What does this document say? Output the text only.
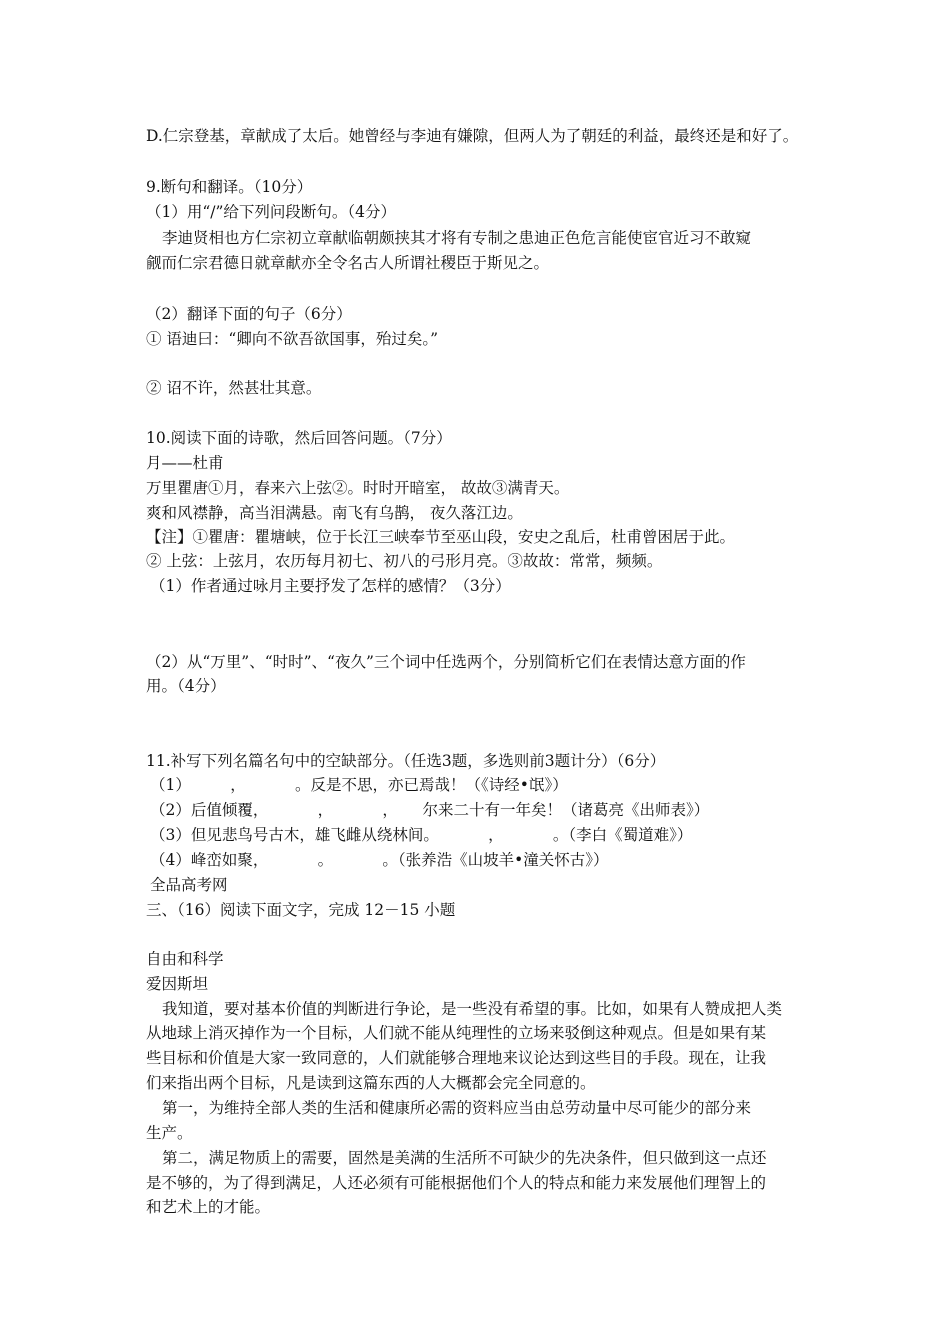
D.仁宗登基，章献成了太后。她曾经与李迪有嫌隙，但两人为了朝廷的利益，最终还是和好了。
9.断句和翻译。（10分）
（1）用“/”给下列问段断句。（4分）
李迪贤相也方仁宗初立章献临朝颇挟其才将有专制之患迪正色危言能使宦官近习不敢窥
觎而仁宗君德日就章献亦全令名古人所谓社稷臣于斯见之。
（2）翻译下面的句子（6分）
① 语迪曰：“卿向不欲吾欲国事，殆过矣。”
② 诏不许，然甚壮其意。
10.阅读下面的诗歌，然后回答问题。（7分）
月——杜甫
万里瞿唐①月，春来六上弦②。时时开暗室， 故故③满青天。
爽和风襟静，高当泪满悬。南飞有乌鹊， 夜久落江边。
【注】①瞿唐：瞿塘峡，位于长江三峡奉节至巫山段，安史之乱后，杜甫曾困居于此。
② 上弦：上弦月，农历每月初七、初八的弓形月亮。③故故：常常，频频。
（1）作者通过咏月主要抒发了怎样的感情？（3分）
（2）从“万里”、“时时”、“夜久”三个词中任选两个，分别简析它们在表情达意方面的作
用。（4分）
11.补写下列名篇名句中的空缺部分。（任选3题，多选则前3题计分）（6分）
（1）        ，          。反是不思，亦已焉哉！（《诗经•氓》）
（2）后值倾覆，          ，          ，     尔来二十有一年矣！（诸葛亮《出师表》）
（3）但见悲鸟号古木，雄飞雌从绕林间。          ，          。（李白《蜀道难》）
（4）峰峦如聚，          。          。（张养浩《山坡羊•潼关怀古》）
全品高考网
三、（16）阅读下面文字，完成 12－15 小题
自由和科学
爱因斯坦
我知道，要对基本价值的判断进行争论，是一些没有希望的事。比如，如果有人赞成把人类
从地球上消灭掉作为一个目标，人们就不能从纯理性的立场来驳倒这种观点。但是如果有某
些目标和价值是大家一致同意的，人们就能够合理地来议论达到这些目的手段。现在，让我
们来指出两个目标，凡是读到这篇东西的人大概都会完全同意的。
第一，为维持全部人类的生活和健康所必需的资料应当由总劳动量中尽可能少的部分来
生产。
第二，满足物质上的需要，固然是美满的生活所不可缺少的先决条件，但只做到这一点还
是不够的，为了得到满足，人还必须有可能根据他们个人的特点和能力来发展他们理智上的
和艺术上的才能。
